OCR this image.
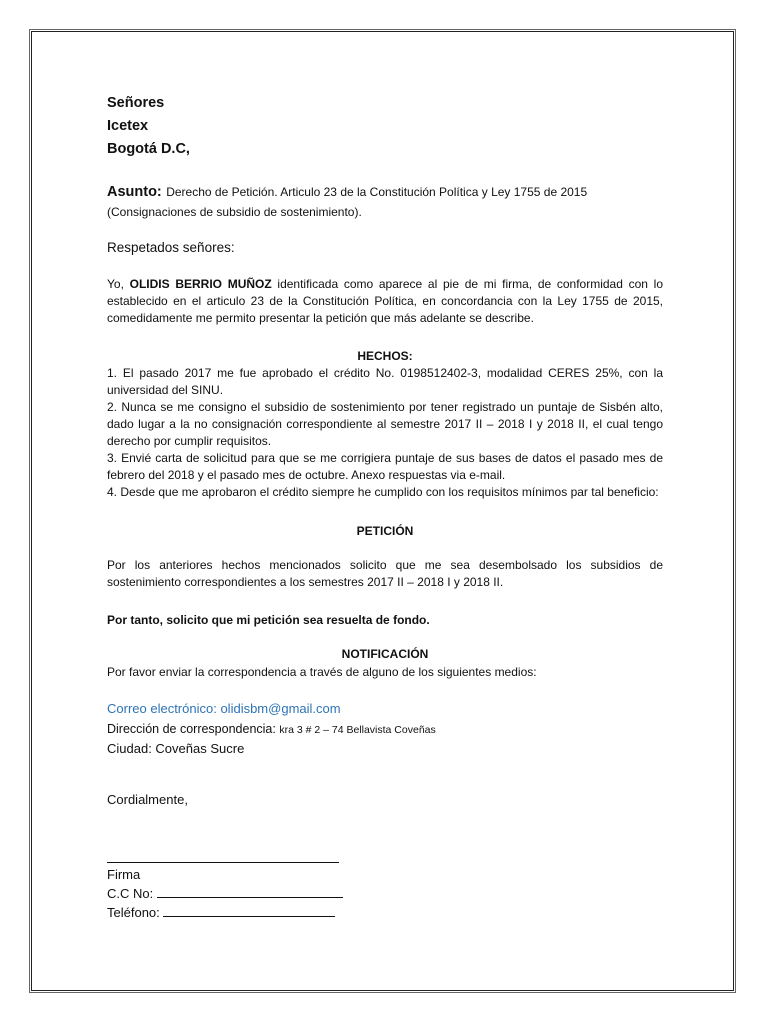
Señores
Icetex
Bogotá D.C,
Asunto: Derecho de Petición. Articulo 23 de la Constitución Política y Ley 1755 de 2015
(Consignaciones de subsidio de sostenimiento).
Respetados señores:
Yo, OLIDIS BERRIO MUÑOZ identificada como aparece al pie de mi firma, de conformidad con lo establecido en el articulo 23 de la Constitución Política, en concordancia con la Ley 1755 de 2015, comedidamente me permito presentar la petición que más adelante se describe.
HECHOS:
1. El pasado 2017 me fue aprobado el crédito No. 0198512402-3, modalidad CERES 25%, con la universidad del SINU.
2. Nunca se me consigno el subsidio de sostenimiento por tener registrado un puntaje de Sisbén alto, dado lugar a la no consignación correspondiente al semestre 2017 II – 2018 I y 2018 II, el cual tengo derecho por cumplir requisitos.
3. Envié carta de solicitud para que se me corrigiera puntaje de sus bases de datos el pasado mes de febrero del 2018 y el pasado mes de octubre. Anexo respuestas via e-mail.
4. Desde que me aprobaron el crédito siempre he cumplido con los requisitos mínimos par tal beneficio:
PETICIÓN
Por los anteriores hechos mencionados solicito que me sea desembolsado los subsidios de sostenimiento correspondientes a los semestres 2017 II – 2018 I y 2018 II.
Por tanto, solicito que mi petición sea resuelta de fondo.
NOTIFICACIÓN
Por favor enviar la correspondencia a través de alguno de los siguientes medios:
Correo electrónico: olidisbm@gmail.com
Dirección de correspondencia: kra 3 # 2 – 74 Bellavista Coveñas
Ciudad: Coveñas Sucre
Cordialmente,
Firma
C.C No:
Teléfono:
